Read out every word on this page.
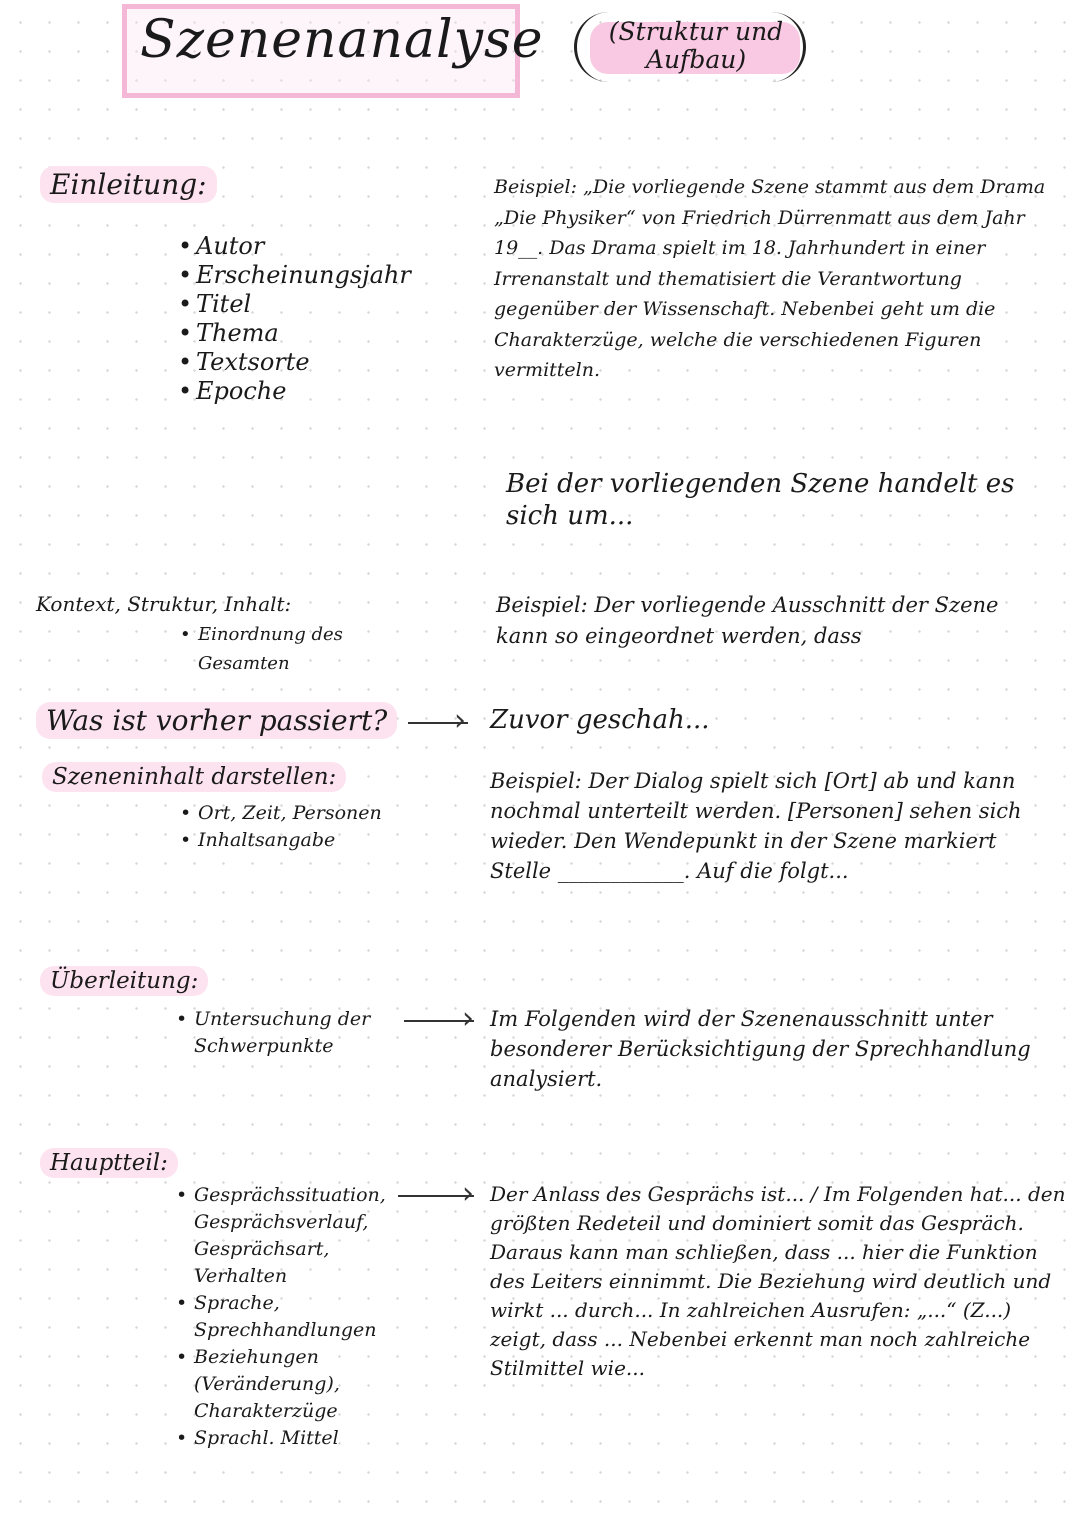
Szenenanalyse	(Struktur und Aufbau)
Einleitung:
• Autor
• Erscheinungsjahr
• Titel
• Thema
• Textsorte
• Epoche
Beispiel: „Die vorliegende Szene stammt aus dem Drama „Die Physiker“ von Friedrich Dürrenmatt aus dem Jahr 19__. Das Drama spielt im 18. Jahrhundert in einer Irrenanstalt und thematisiert die Verantwortung gegenüber der Wissenschaft. Nebenbei geht um die Charakterzüge, welche die verschiedenen Figuren vermitteln.
Bei der vorliegenden Szene handelt es sich um...
Kontext, Struktur, Inhalt:
• Einordnung des Gesamten
Beispiel: Der vorliegende Ausschnitt der Szene kann so eingeordnet werden, dass
Was ist vorher passiert?	› Zuvor geschah...
Szeneninhalt darstellen:
• Ort, Zeit, Personen
• Inhaltsangabe
Beispiel: Der Dialog spielt sich [Ort] ab und kann nochmal unterteilt werden. [Personen] sehen sich wieder. Den Wendepunkt in der Szene markiert Stelle ____________. Auf die folgt...
Überleitung:
• Untersuchung der Schwerpunkte
› Im Folgenden wird der Szenenausschnitt unter besonderer Berücksichtigung der Sprechhandlung analysiert.
Hauptteil:
• Gesprächssituation, Gesprächsverlauf, Gesprächsart, Verhalten
• Sprache, Sprechhandlungen
• Beziehungen (Veränderung), Charakterzüge
• Sprachl. Mittel
› Der Anlass des Gesprächs ist... / Im Folgenden hat... den größten Redeteil und dominiert somit das Gespräch. Daraus kann man schließen, dass ... hier die Funktion des Leiters einnimmt. Die Beziehung wird deutlich und wirkt ... durch... In zahlreichen Ausrufen: „...“ (Z...) zeigt, dass ... Nebenbei erkennt man noch zahlreiche Stilmittel wie...
